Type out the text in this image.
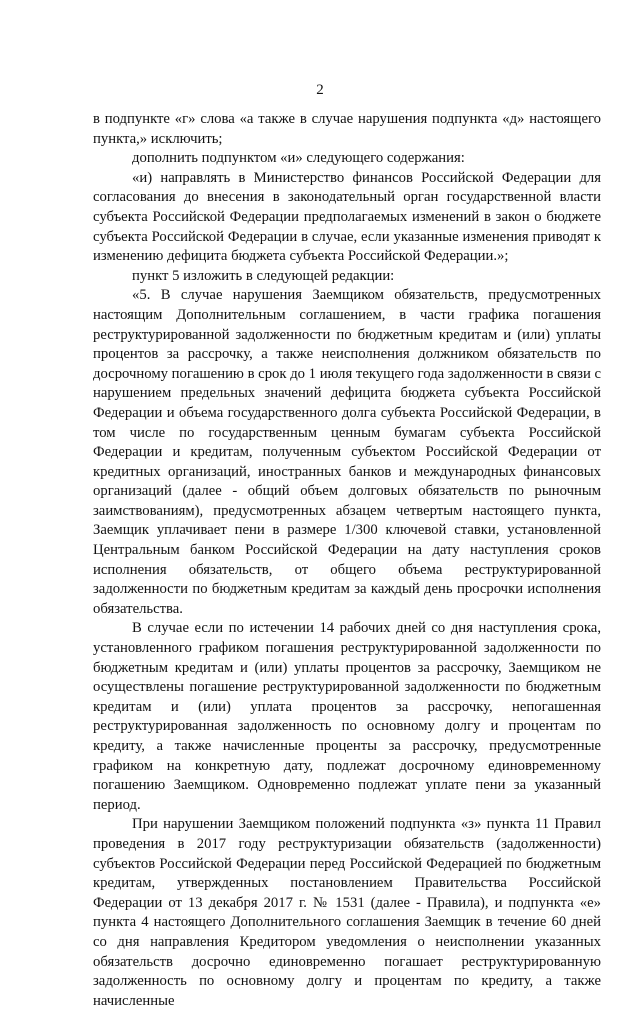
2

в подпункте «г» слова «а также в случае нарушения подпункта «д» настоящего пункта,» исключить;

дополнить подпунктом «и» следующего содержания:

«и) направлять в Министерство финансов Российской Федерации для согласования до внесения в законодательный орган государственной власти субъекта Российской Федерации предполагаемых изменений в закон о бюджете субъекта Российской Федерации в случае, если указанные изменения приводят к изменению дефицита бюджета субъекта Российской Федерации.»;

пункт 5 изложить в следующей редакции:

«5. В случае нарушения Заемщиком обязательств, предусмотренных настоящим Дополнительным соглашением, в части графика погашения реструктурированной задолженности по бюджетным кредитам и (или) уплаты процентов за рассрочку, а также неисполнения должником обязательств по досрочному погашению в срок до 1 июля текущего года задолженности в связи с нарушением предельных значений дефицита бюджета субъекта Российской Федерации и объема государственного долга субъекта Российской Федерации, в том числе по государственным ценным бумагам субъекта Российской Федерации и кредитам, полученным субъектом Российской Федерации от кредитных организаций, иностранных банков и международных финансовых организаций (далее - общий объем долговых обязательств по рыночным заимствованиям), предусмотренных абзацем четвертым настоящего пункта, Заемщик уплачивает пени в размере 1/300 ключевой ставки, установленной Центральным банком Российской Федерации на дату наступления сроков исполнения обязательств, от общего объема реструктурированной задолженности по бюджетным кредитам за каждый день просрочки исполнения обязательства.

В случае если по истечении 14 рабочих дней со дня наступления срока, установленного графиком погашения реструктурированной задолженности по бюджетным кредитам и (или) уплаты процентов за рассрочку, Заемщиком не осуществлены погашение реструктурированной задолженности по бюджетным кредитам и (или) уплата процентов за рассрочку, непогашенная реструктурированная задолженность по основному долгу и процентам по кредиту, а также начисленные проценты за рассрочку, предусмотренные графиком на конкретную дату, подлежат досрочному единовременному погашению Заемщиком. Одновременно подлежат уплате пени за указанный период.

При нарушении Заемщиком положений подпункта «з» пункта 11 Правил проведения в 2017 году реструктуризации обязательств (задолженности) субъектов Российской Федерации перед Российской Федерацией по бюджетным кредитам, утвержденных постановлением Правительства Российской Федерации от 13 декабря 2017 г. № 1531 (далее - Правила), и подпункта «е» пункта 4 настоящего Дополнительного соглашения Заемщик в течение 60 дней со дня направления Кредитором уведомления о неисполнении указанных обязательств досрочно единовременно погашает реструктурированную задолженность по основному долгу и процентам по кредиту, а также начисленные
